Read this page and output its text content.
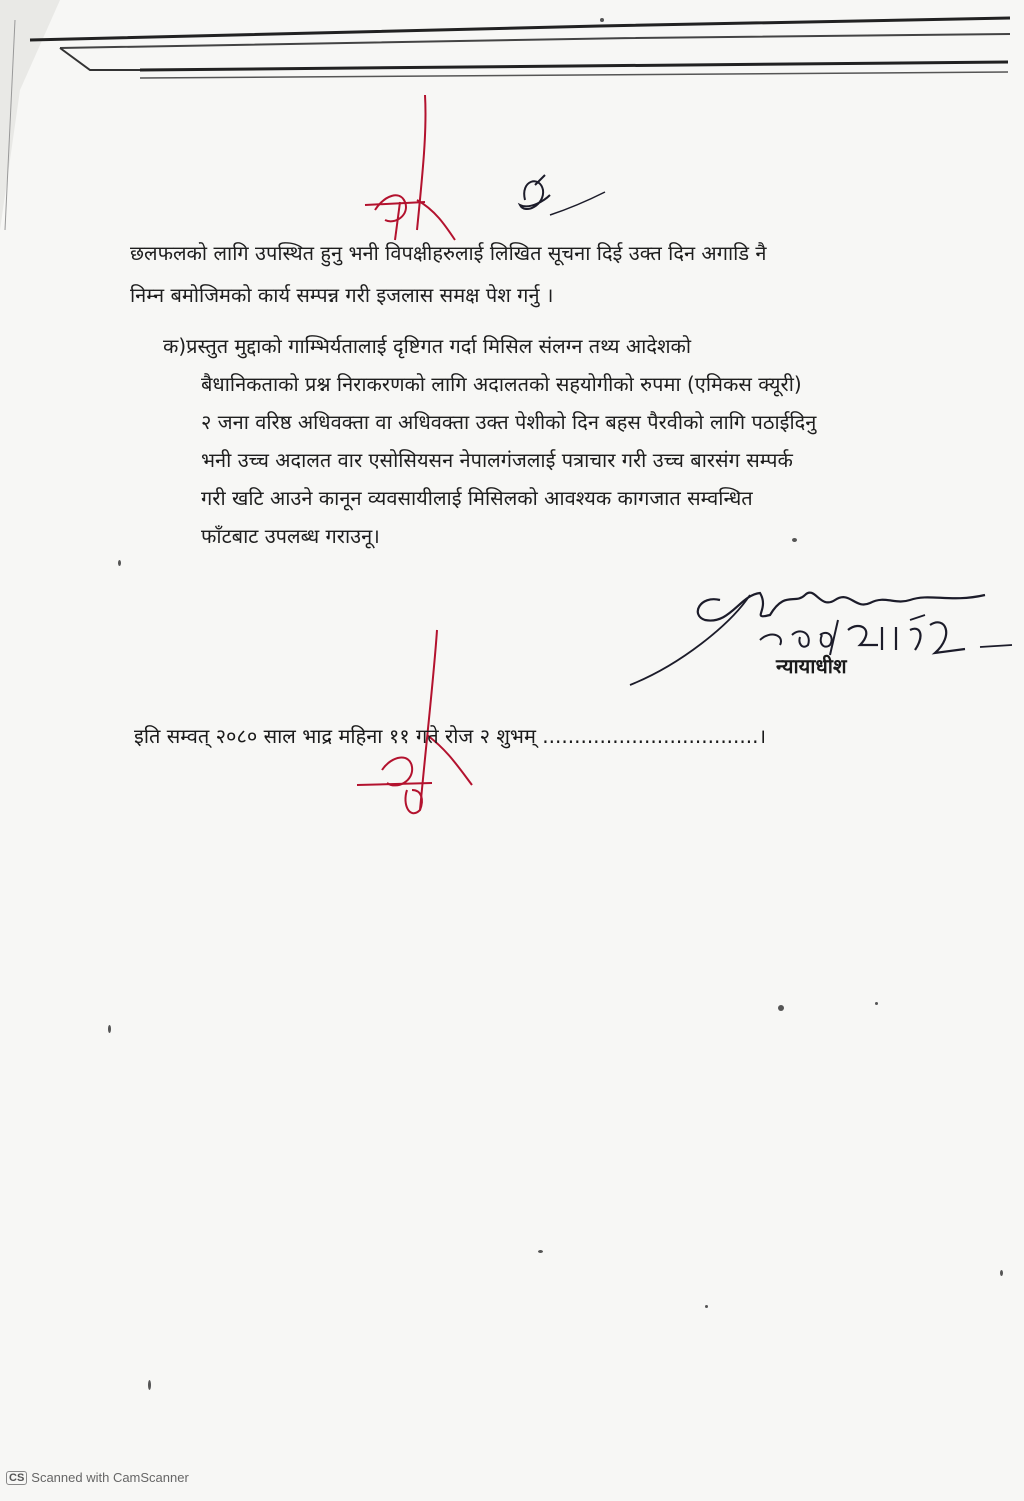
छलफलको लागि उपस्थित हुनु भनी विपक्षीहरुलाई लिखित सूचना दिई उक्त दिन अगाडि नै
निम्न बमोजिमको कार्य सम्पन्न गरी इजलास समक्ष पेश गर्नु ।
क)प्रस्तुत मुद्दाको गाम्भिर्यतालाई दृष्टिगत गर्दा मिसिल संलग्न तथ्य आदेशको
बैधानिकताको प्रश्न निराकरणको लागि अदालतको सहयोगीको रुपमा (एमिकस क्यूरी)
२ जना वरिष्ठ अधिवक्ता वा अधिवक्ता उक्त पेशीको दिन बहस पैरवीको लागि पठाईदिनु
भनी उच्च अदालत वार एसोसियसन नेपालगंजलाई पत्राचार गरी उच्च बारसंग सम्पर्क
गरी खटि आउने कानून व्यवसायीलाई मिसिलको आवश्यक कागजात सम्वन्धित
फाँटबाट उपलब्ध गराउनू।
न्यायाधीश
इति सम्वत् २०८० साल भाद्र महिना ११ गते रोज २ शुभम् ..................................।
CS Scanned with CamScanner
